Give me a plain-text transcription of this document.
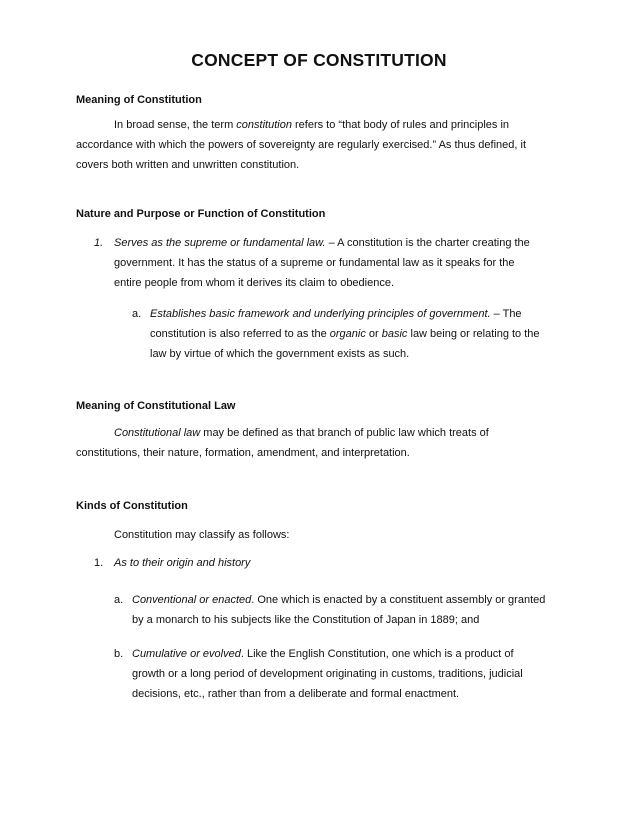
CONCEPT OF CONSTITUTION
Meaning of Constitution
In broad sense, the term constitution refers to “that body of rules and principles in
accordance with which the powers of sovereignty are regularly exercised.” As thus defined, it
covers both written and unwritten constitution.
Nature and Purpose or Function of Constitution
1. Serves as the supreme or fundamental law. – A constitution is the charter creating the
government. It has the status of a supreme or fundamental law as it speaks for the
entire people from whom it derives its claim to obedience.
a. Establishes basic framework and underlying principles of government. – The
constitution is also referred to as the organic or basic law being or relating to the
law by virtue of which the government exists as such.
Meaning of Constitutional Law
Constitutional law may be defined as that branch of public law which treats of
constitutions, their nature, formation, amendment, and interpretation.
Kinds of Constitution
Constitution may classify as follows:
1. As to their origin and history
a. Conventional or enacted. One which is enacted by a constituent assembly or granted
by a monarch to his subjects like the Constitution of Japan in 1889; and
b. Cumulative or evolved. Like the English Constitution, one which is a product of
growth or a long period of development originating in customs, traditions, judicial
decisions, etc., rather than from a deliberate and formal enactment.
